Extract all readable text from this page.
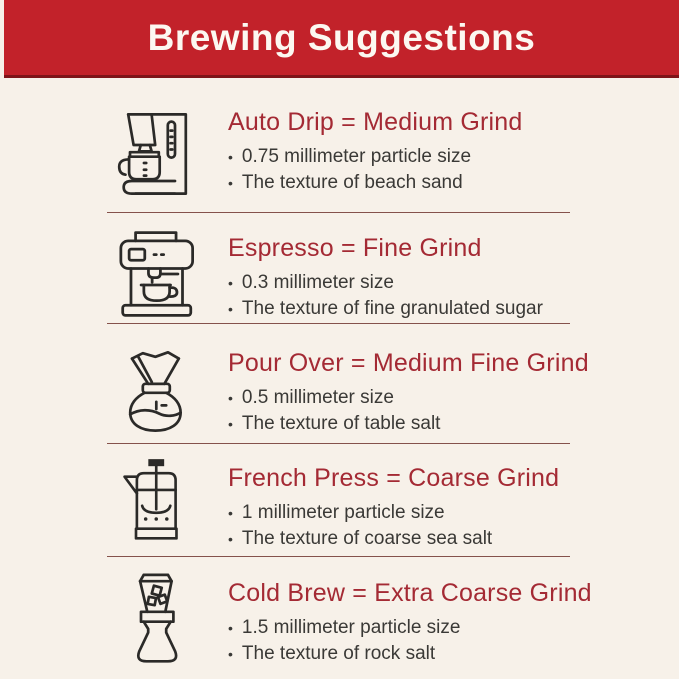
Brewing Suggestions
Auto Drip = Medium Grind
• 0.75 millimeter particle size
• The texture of beach sand
Espresso = Fine Grind
• 0.3 millimeter size
• The texture of fine granulated sugar
Pour Over = Medium Fine Grind
• 0.5 millimeter size
• The texture of table salt
French Press = Coarse Grind
• 1 millimeter particle size
• The texture of coarse sea salt
Cold Brew = Extra Coarse Grind
• 1.5 millimeter particle size
• The texture of rock salt
